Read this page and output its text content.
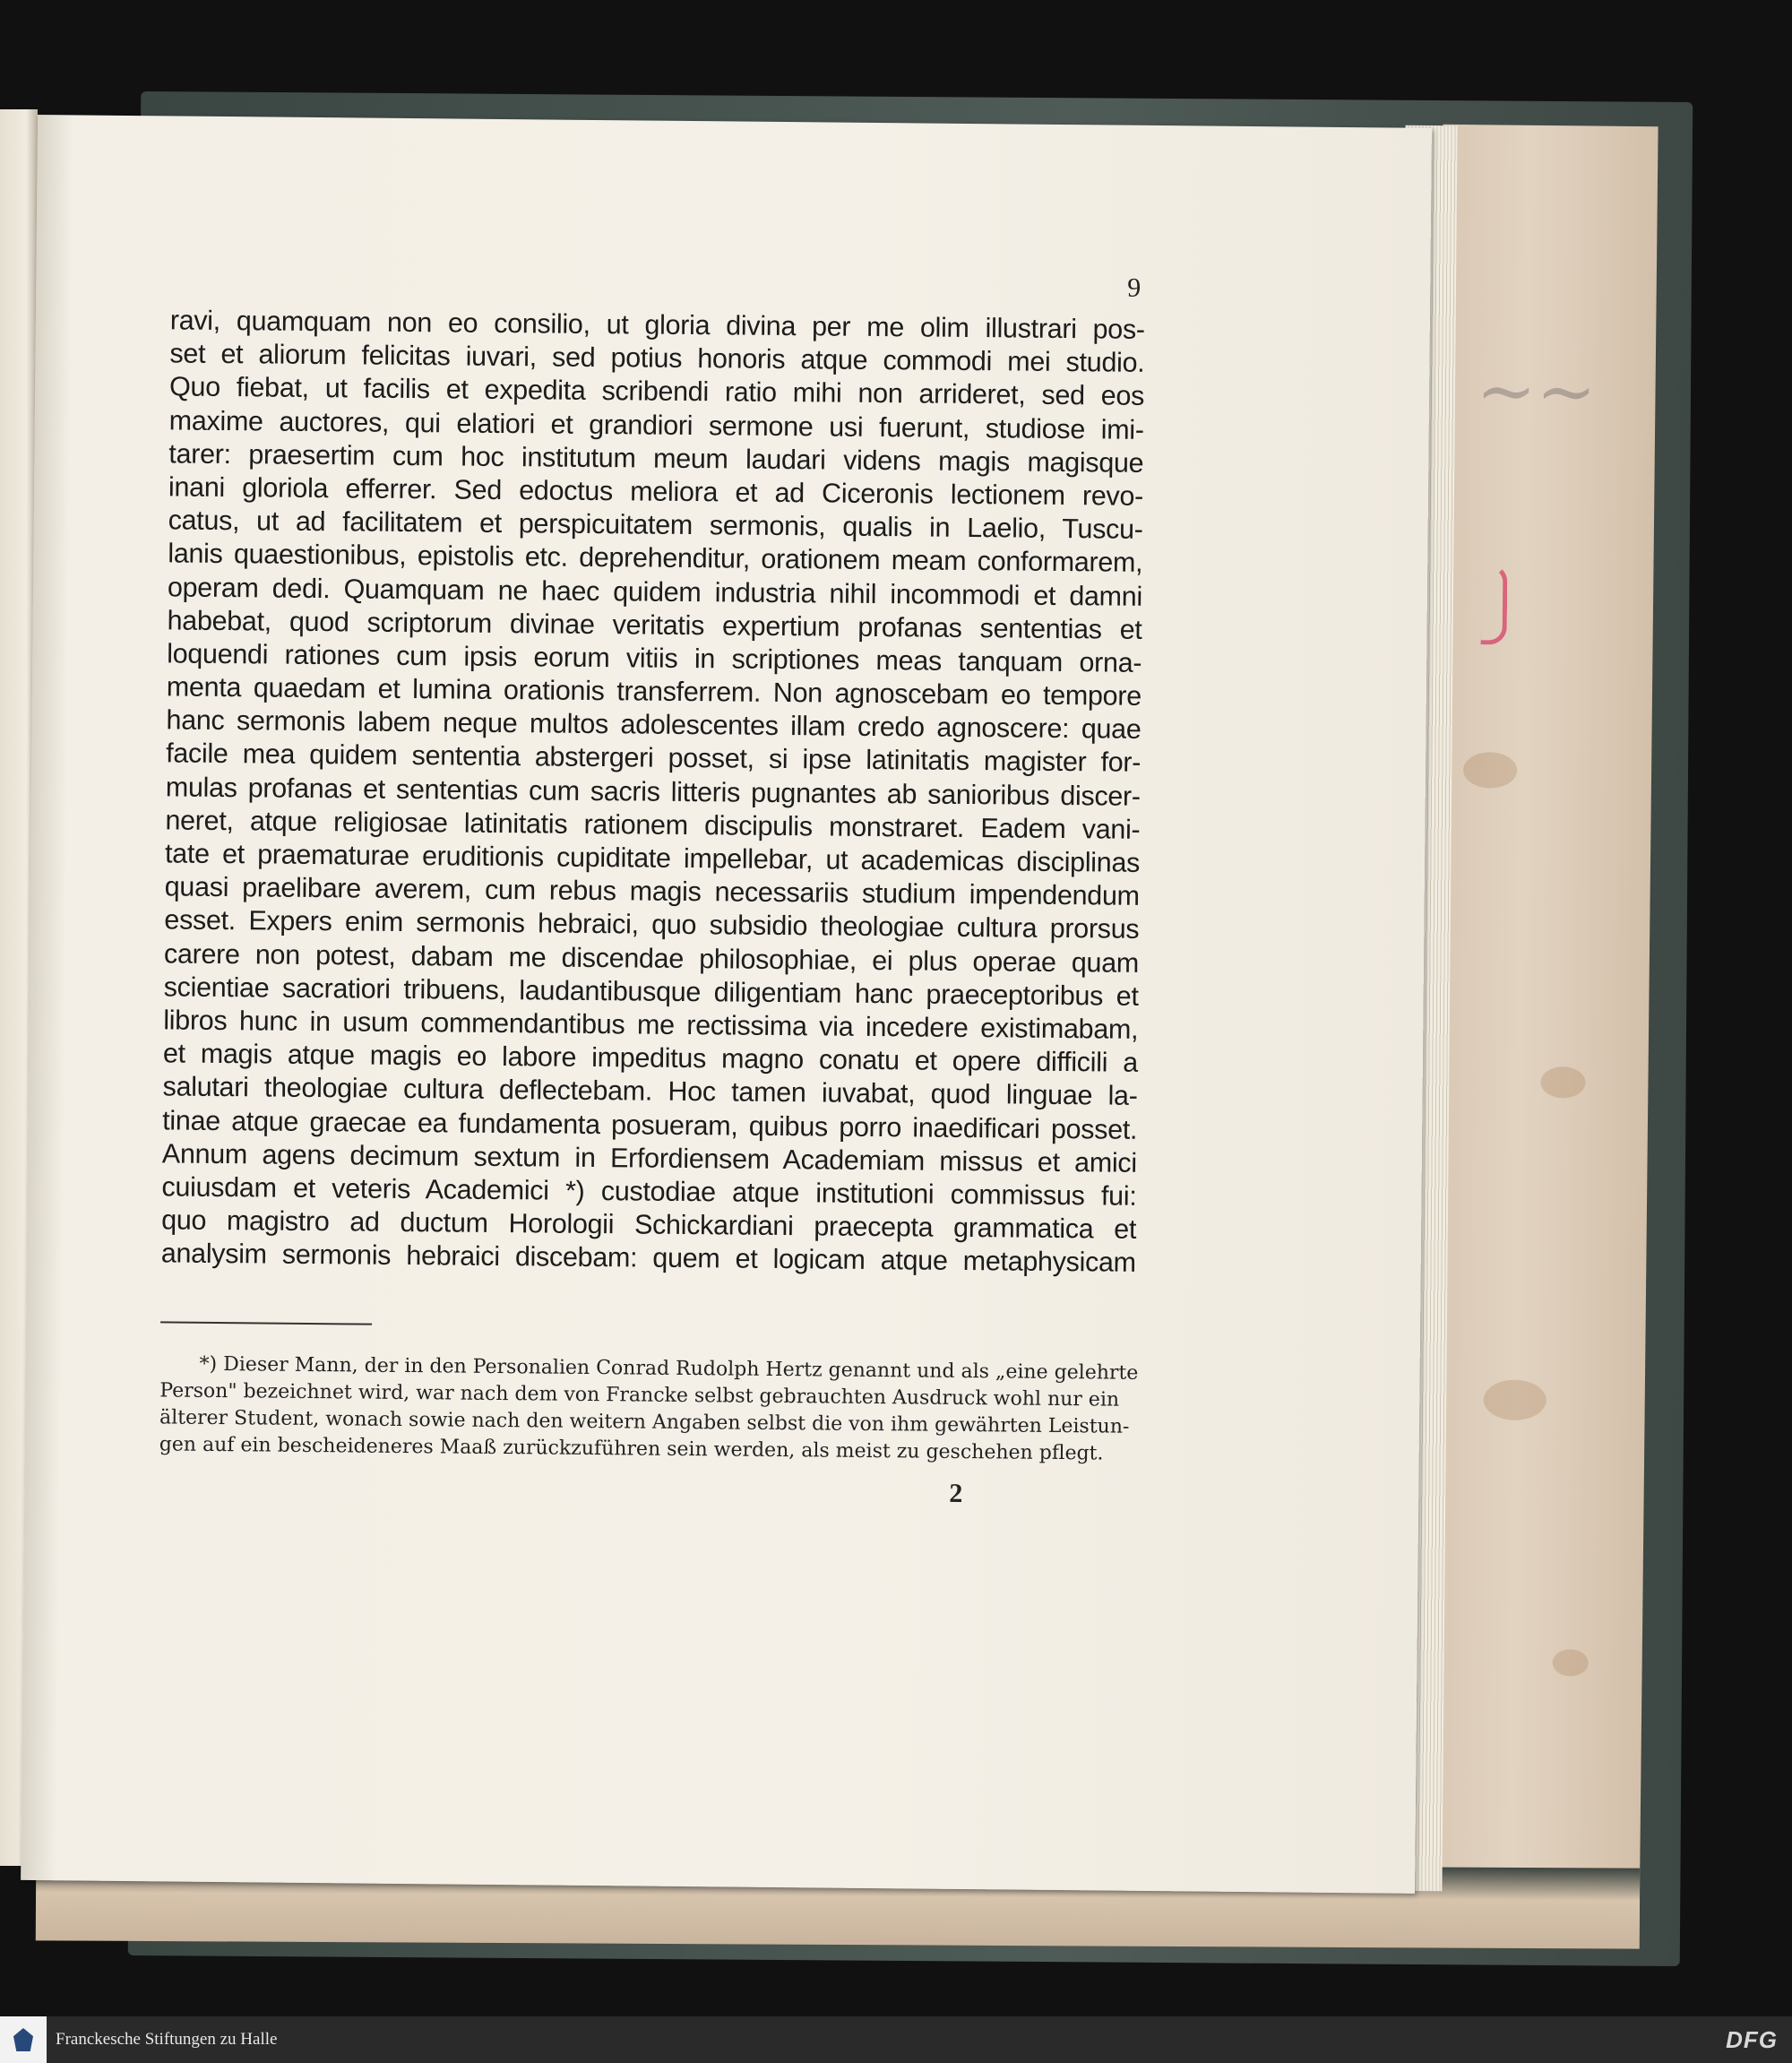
∼∼
9
ravi, quamquam non eo consilio, ut gloria divina per me olim illustrari pos-
set et aliorum felicitas iuvari, sed potius honoris atque commodi mei studio.
Quo fiebat, ut facilis et expedita scribendi ratio mihi non arrideret, sed eos
maxime auctores, qui elatiori et grandiori sermone usi fuerunt, studiose imi-
tarer: praesertim cum hoc institutum meum laudari videns magis magisque
inani gloriola efferrer. Sed edoctus meliora et ad Ciceronis lectionem revo-
catus, ut ad facilitatem et perspicuitatem sermonis, qualis in Laelio, Tuscu-
lanis quaestionibus, epistolis etc. deprehenditur, orationem meam conformarem,
operam dedi. Quamquam ne haec quidem industria nihil incommodi et damni
habebat, quod scriptorum divinae veritatis expertium profanas sententias et
loquendi rationes cum ipsis eorum vitiis in scriptiones meas tanquam orna-
menta quaedam et lumina orationis transferrem. Non agnoscebam eo tempore
hanc sermonis labem neque multos adolescentes illam credo agnoscere: quae
facile mea quidem sententia abstergeri posset, si ipse latinitatis magister for-
mulas profanas et sententias cum sacris litteris pugnantes ab sanioribus discer-
neret, atque religiosae latinitatis rationem discipulis monstraret. Eadem vani-
tate et praematurae eruditionis cupiditate impellebar, ut academicas disciplinas
quasi praelibare averem, cum rebus magis necessariis studium impendendum
esset. Expers enim sermonis hebraici, quo subsidio theologiae cultura prorsus
carere non potest, dabam me discendae philosophiae, ei plus operae quam
scientiae sacratiori tribuens, laudantibusque diligentiam hanc praeceptoribus et
libros hunc in usum commendantibus me rectissima via incedere existimabam,
et magis atque magis eo labore impeditus magno conatu et opere difficili a
salutari theologiae cultura deflectebam. Hoc tamen iuvabat, quod linguae la-
tinae atque graecae ea fundamenta posueram, quibus porro inaedificari posset.
Annum agens decimum sextum in Erfordiensem Academiam missus et amici
cuiusdam et veteris Academici *) custodiae atque institutioni commissus fui:
quo magistro ad ductum Horologii Schickardiani praecepta grammatica et
analysim sermonis hebraici discebam: quem et logicam atque metaphysicam
*) Dieser Mann, der in den Personalien Conrad Rudolph Hertz genannt und als „eine gelehrte
Person" bezeichnet wird, war nach dem von Francke selbst gebrauchten Ausdruck wohl nur ein
älterer Student, wonach sowie nach den weitern Angaben selbst die von ihm gewährten Leistun-
gen auf ein bescheideneres Maaß zurückzuführen sein werden, als meist zu geschehen pflegt.
2
Franckesche Stiftungen zu Halle	DFG
